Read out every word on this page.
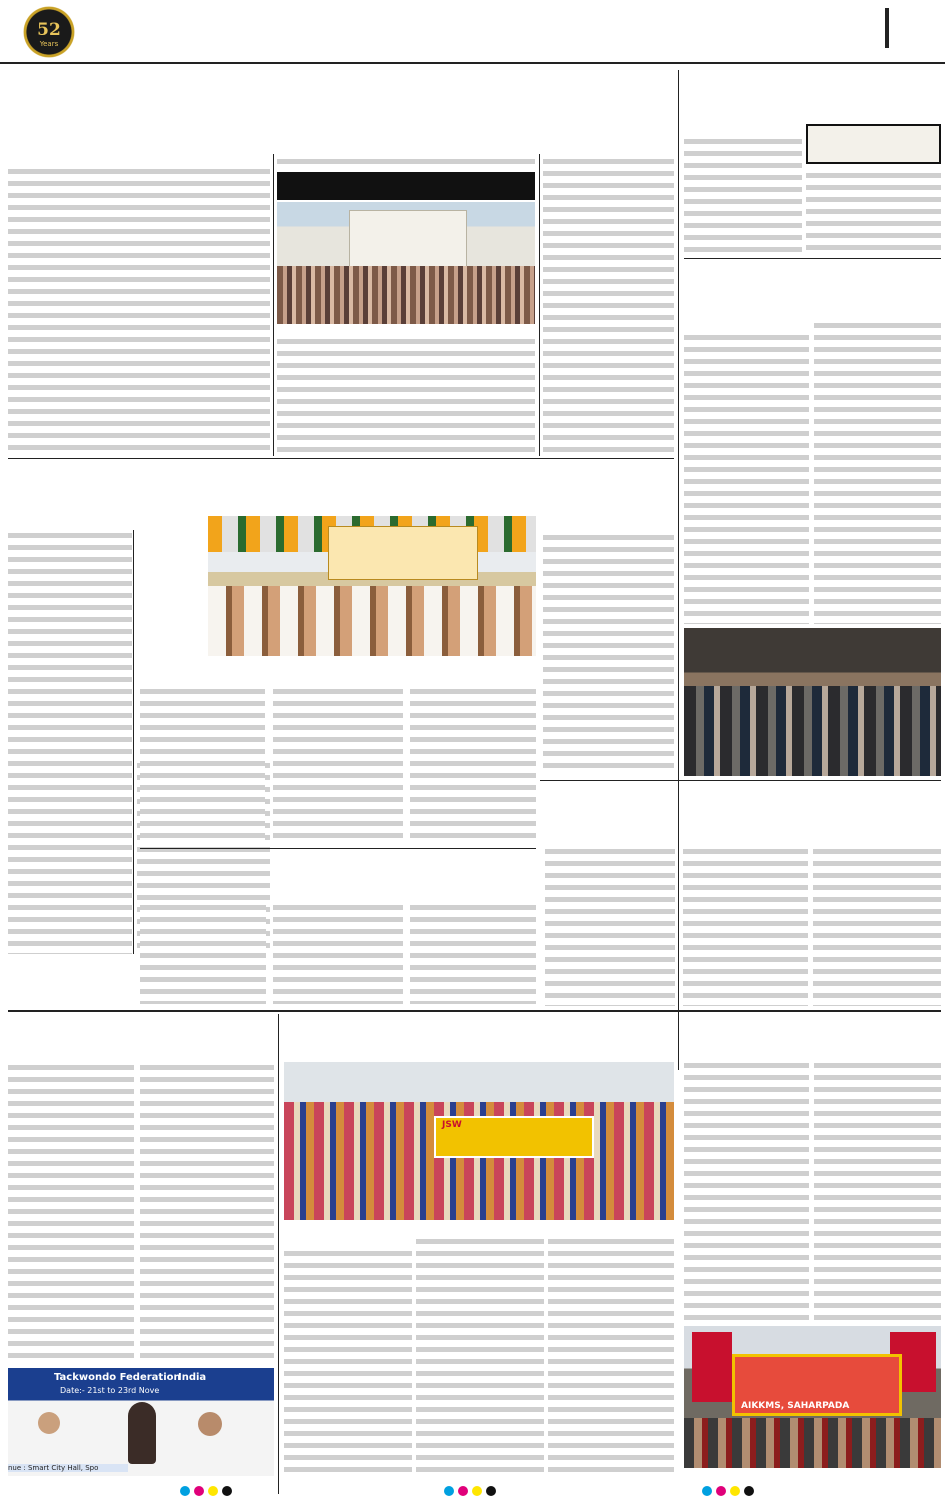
52
Years
Tackwondo Federation
India
Date:- 21st to 23rd Nove
nue : Smart City Hall, Spo
JSW
AIKKMS, SAHARPADA
